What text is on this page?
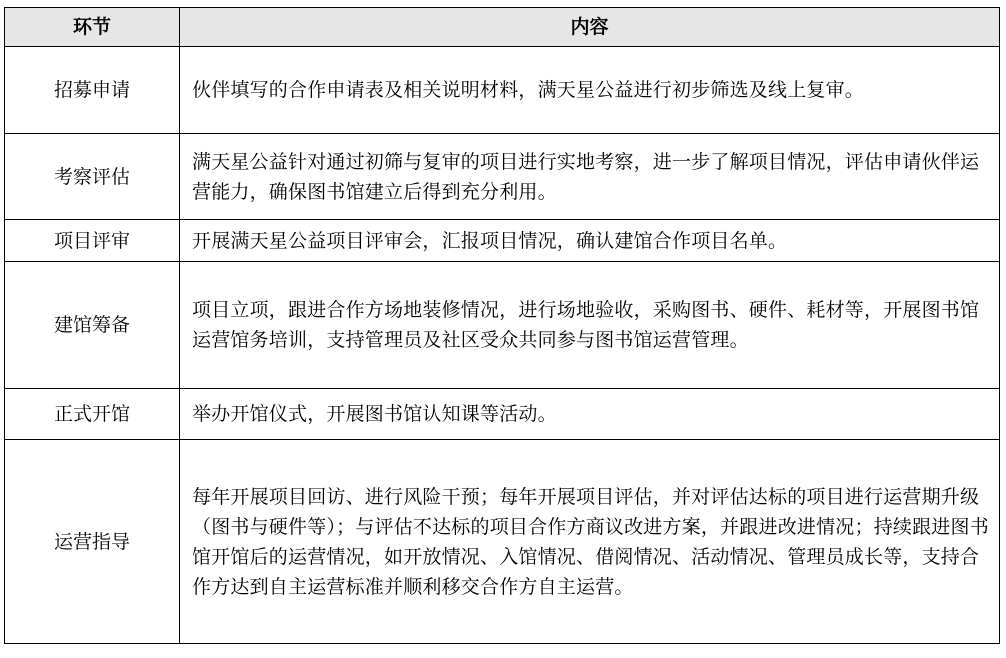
环节	内容
招募申请	伙伴填写的合作申请表及相关说明材料，满天星公益进行初步筛选及线上复审。
考察评估	满天星公益针对通过初筛与复审的项目进行实地考察，进一步了解项目情况，评估申请伙伴运营能力，确保图书馆建立后得到充分利用。
项目评审	开展满天星公益项目评审会，汇报项目情况，确认建馆合作项目名单。
建馆筹备	项目立项，跟进合作方场地装修情况，进行场地验收，采购图书、硬件、耗材等，开展图书馆运营馆务培训，支持管理员及社区受众共同参与图书馆运营管理。
正式开馆	举办开馆仪式，开展图书馆认知课等活动。
运营指导	每年开展项目回访、进行风险干预；每年开展项目评估，并对评估达标的项目进行运营期升级（图书与硬件等）；与评估不达标的项目合作方商议改进方案，并跟进改进情况；持续跟进图书馆开馆后的运营情况，如开放情况、入馆情况、借阅情况、活动情况、管理员成长等，支持合作方达到自主运营标准并顺利移交合作方自主运营。
